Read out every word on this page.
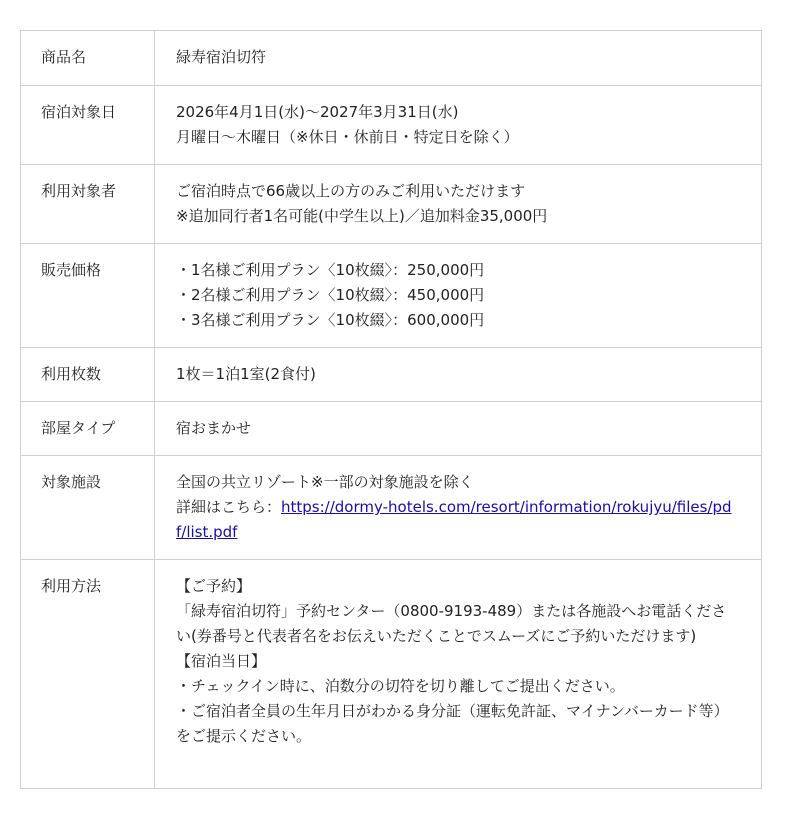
商品名	緑寿宿泊切符

宿泊対象日	2026年4月1日(水)～2027年3月31日(水)
月曜日～木曜日（※休日・休前日・特定日を除く）

利用対象者	ご宿泊時点で66歳以上の方のみご利用いただけます
※追加同行者1名可能(中学生以上)／追加料金35,000円

販売価格	・1名様ご利用プラン〈10枚綴〉：250,000円
・2名様ご利用プラン〈10枚綴〉：450,000円
・3名様ご利用プラン〈10枚綴〉：600,000円

利用枚数	1枚＝1泊1室(2食付)

部屋タイプ	宿おまかせ

対象施設	全国の共立リゾート※一部の対象施設を除く
詳細はこちら：https://dormy-hotels.com/resort/information/rokujyu/files/pdf/list.pdf

利用方法	【ご予約】
「緑寿宿泊切符」予約センター（0800-9193-489）または各施設へお電話ください(券番号と代表者名をお伝えいただくことでスムーズにご予約いただけます)
【宿泊当日】
・チェックイン時に、泊数分の切符を切り離してご提出ください。
・ご宿泊者全員の生年月日がわかる身分証（運転免許証、マイナンバーカード等）をご提示ください。
